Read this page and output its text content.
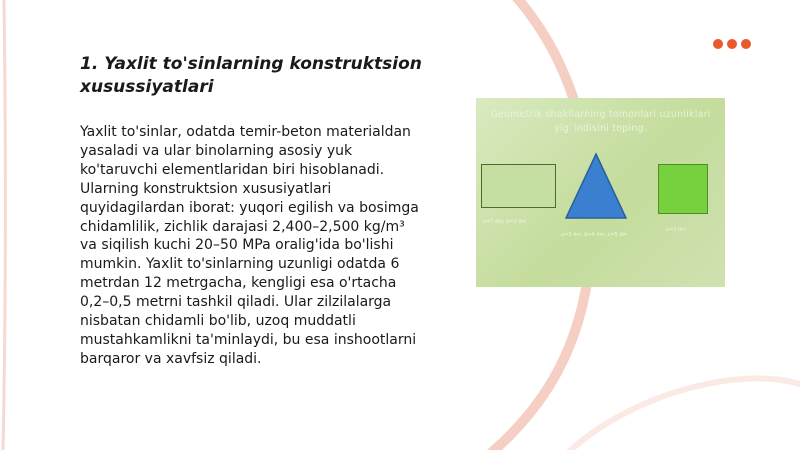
1. Yaxlit to'sinlarning konstruktsion xusussiyatlari

Yaxlit to'sinlar, odatda temir-beton materialdan yasaladi va ular binolarning asosiy yuk ko'taruvchi elementlaridan biri hisoblanadi. Ularning konstruktsion xususiyatlari quyidagilardan iborat: yuqori egilish va bosimga chidamlilik, zichlik darajasi 2,400–2,500 kg/m³ va siqilish kuchi 20–50 MPa oralig'ida bo'lishi mumkin. Yaxlit to'sinlarning uzunligi odatda 6 metrdan 12 metrgacha, kengligi esa o'rtacha 0,2–0,5 metrni tashkil qiladi. Ular zilzilalarga nisbatan chidamli bo'lib, uzoq muddatli mustahkamlikni ta'minlaydi, bu esa inshootlarni barqaror va xavfsiz qiladi.

Geometrik shakllarning tomonlari uzunliklari yig`indisini toping.
a=7 dm, b=2 dm
a=3 dm, b=4 dm, c=5 dm
a=3 dm
